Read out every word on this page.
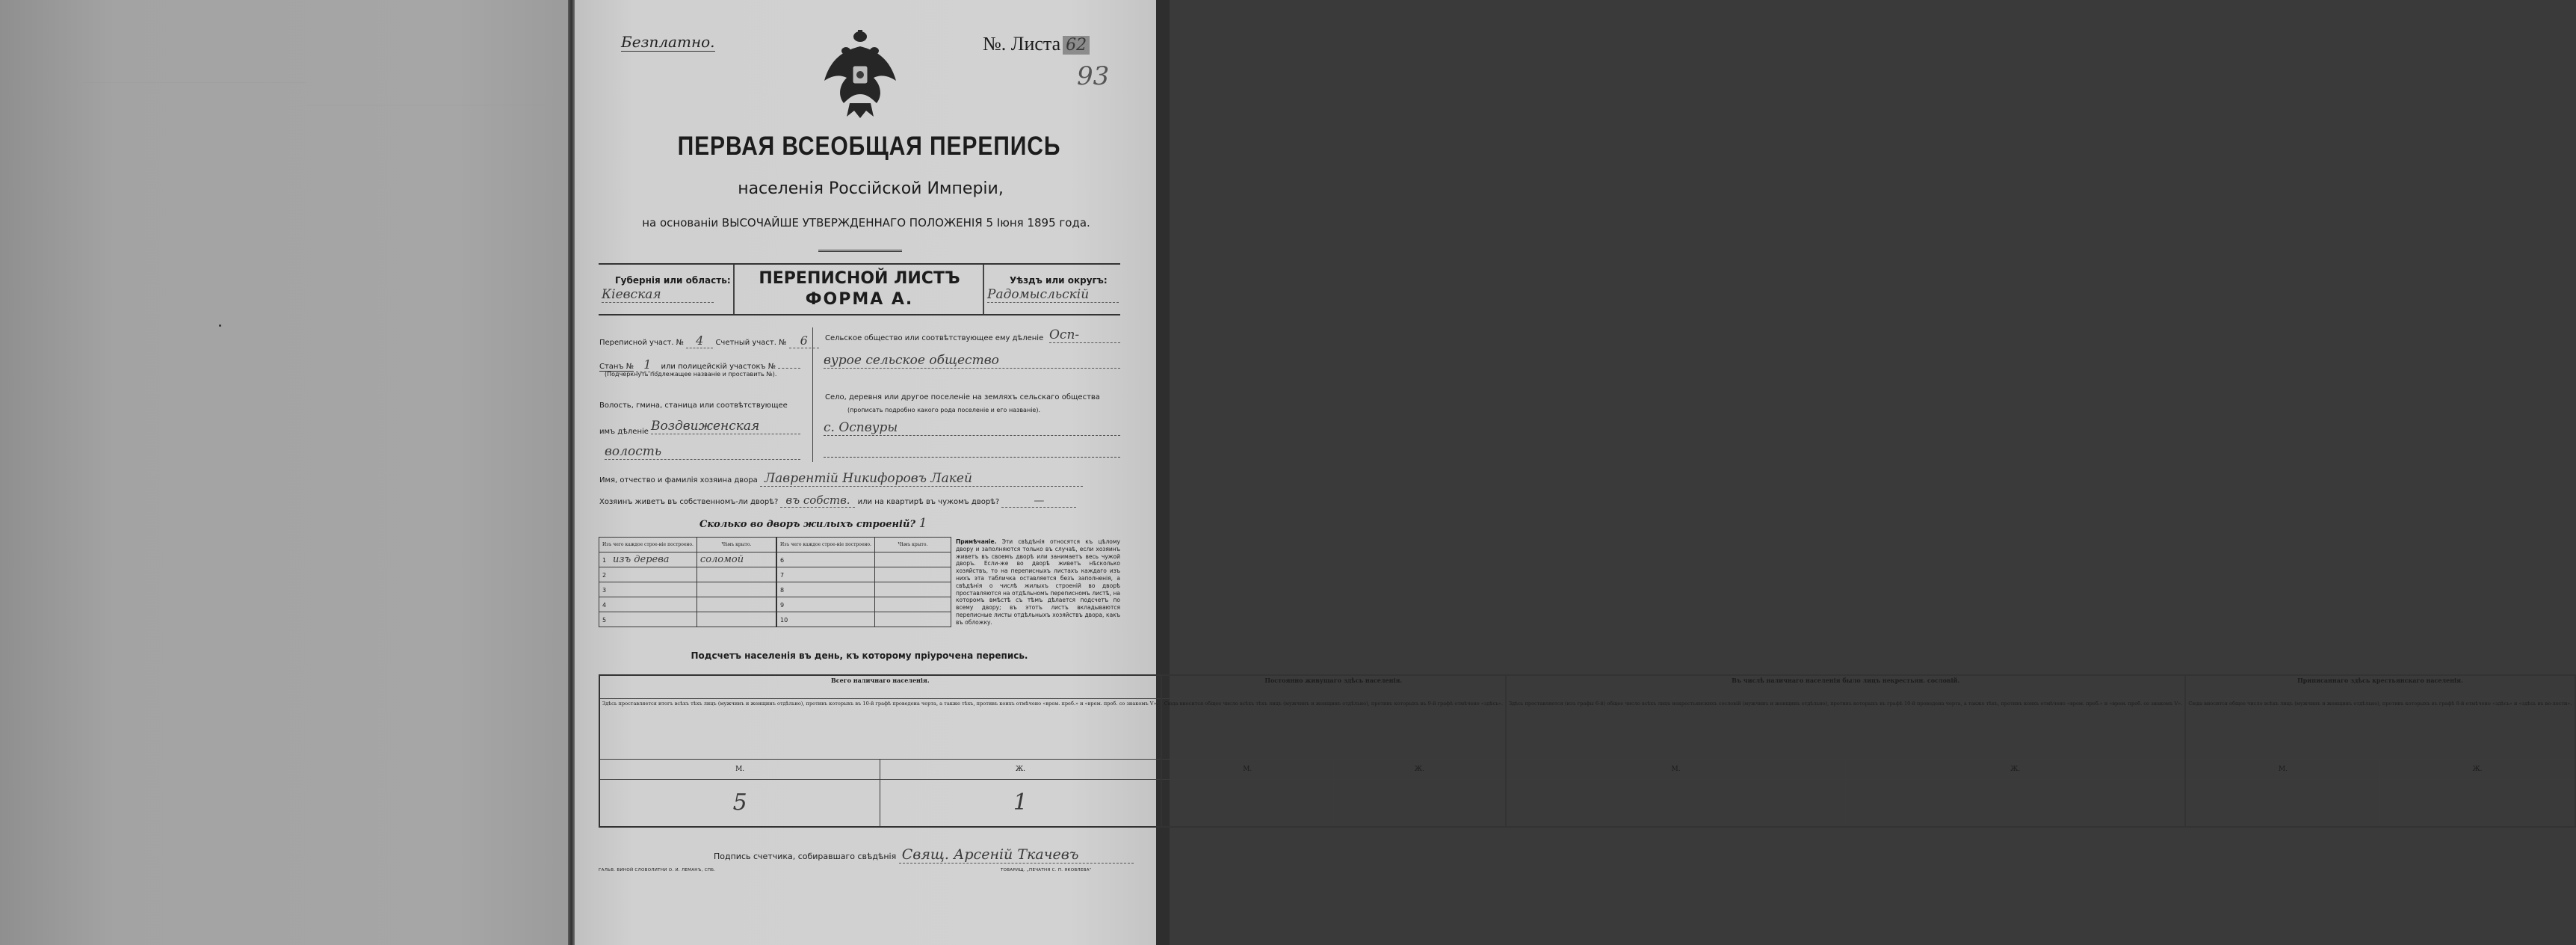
Безплатно.	№. Листа 62
93
ПЕРВАЯ ВСЕОБЩАЯ ПЕРЕПИСЬ
населенія Россійской Имперіи,
на основаніи ВЫСОЧАЙШЕ УТВЕРЖДЕННАГО ПОЛОЖЕНІЯ 5 Іюня 1895 года.
Губернія или область:
Кіевская
ПЕРЕПИСНОЙ ЛИСТЪ
ФОРМА А.
Уѣздъ или округъ:
Радомысльскій
Переписной участ. № 4 Счетный участ. № 6
Станъ № 1 или полицейскій участокъ №
(Подчеркнуть подлежащее названіе и проставить №).
Волость, гмина, станица или соотвѣтствующее
имъ дѣленіе Воздвиженская
волость
Сельское общество или соотвѣтствующее ему дѣленіе Осп-
вурое сельское общество
Село, деревня или другое поселеніе на земляхъ сельскаго общества
(прописать подробно какого рода поселеніе и его названіе).
с. Оспвуры
Имя, отчество и фамилія хозяина двора Лаврентій Никифоровъ Лакей
Хозяинъ живетъ въ собственномъ-ли дворѣ? въ собств. или на квартирѣ въ чужомъ дворѣ?	—
Сколько во дворъ жилыхъ строеній? 1
Изъ чего каждое строе-ніе построено.	Чѣмъ крыто.	Изъ чего каждое строе-ніе построено.	Чѣмъ крыто.
1 изъ дерева	соломой	6	
2		7	
3		8	
4		9	
5		10	
Примѣчаніе. Эти свѣдѣнія относятся къ цѣлому двору и заполняются только въ случаѣ, если хозяинъ живетъ въ своемъ дворѣ или занимаетъ весь чужой дворъ. Если-же во дворѣ живетъ нѣсколько хозяйствъ, то на переписныхъ листахъ каждаго изъ нихъ эта табличка оставляется безъ заполненія, а свѣдѣнія о числѣ жилыхъ строеній во дворѣ проставляются на отдѣльномъ переписномъ листѣ, на которомъ вмѣстѣ съ тѣмъ дѣлается подсчетъ по всему двору; въ этотъ листъ вкладываются переписные листы отдѣльныхъ хозяйствъ двора, какъ въ обложку.
Подсчетъ населенія въ день, къ которому пріурочена перепись.
Всего наличнаго населенія.		Постоянно живущаго здѣсь населенія.		Въ числѣ наличнаго населенія было лицъ некрестьян. сословій.		Приписаннаго здѣсь крестьянскаго населенія.	
Здѣсь проставляется итогъ всѣхъ тѣхъ лицъ (мужчинъ и женщинъ отдѣльно), противъ которыхъ въ 10-й графѣ проведена черта, а также тѣхъ, противъ коихъ отмѣчено «врем. преб.» и «врем. проб. со знакомъ V».		Сюда вносится общее число всѣхъ тѣхъ лицъ (мужчинъ и женщинъ отдѣльно), противъ которыхъ въ 9-й графѣ отмѣчено «здѣсь».		Здѣсь проставляется (изъ графы 6-й) общее число всѣхъ лицъ некрестьянскихъ сословій (мужчинъ и женщинъ отдѣльно), противъ которыхъ въ графѣ 10-й проведена черта, а также тѣхъ, противъ коихъ отмѣчено «врем. преб.» и «врем. проб. со знакомъ V».		Сюда вносится общее число всѣхъ лицъ (мужчинъ и женщинъ отдѣльно), противъ которыхъ въ графѣ 8-й отмѣчено «здѣсь» и «здѣсь въ во-лости».	
М.	Ж.	М.	Ж.	М.	Ж.	М.	Ж.
5	1	5	1	—	—	5	1
Подпись счетчика, собиравшаго свѣдѣнія Свящ. Арсеній Ткачевъ
ГАЛЬВ. ВИНОЙ СЛОВОЛИТНИ О. И. ЛЕМАНЪ, СПБ.	ТОВАРИЩ. „ПЕЧАТНЯ С. П. ЯКОВЛЕВА“
